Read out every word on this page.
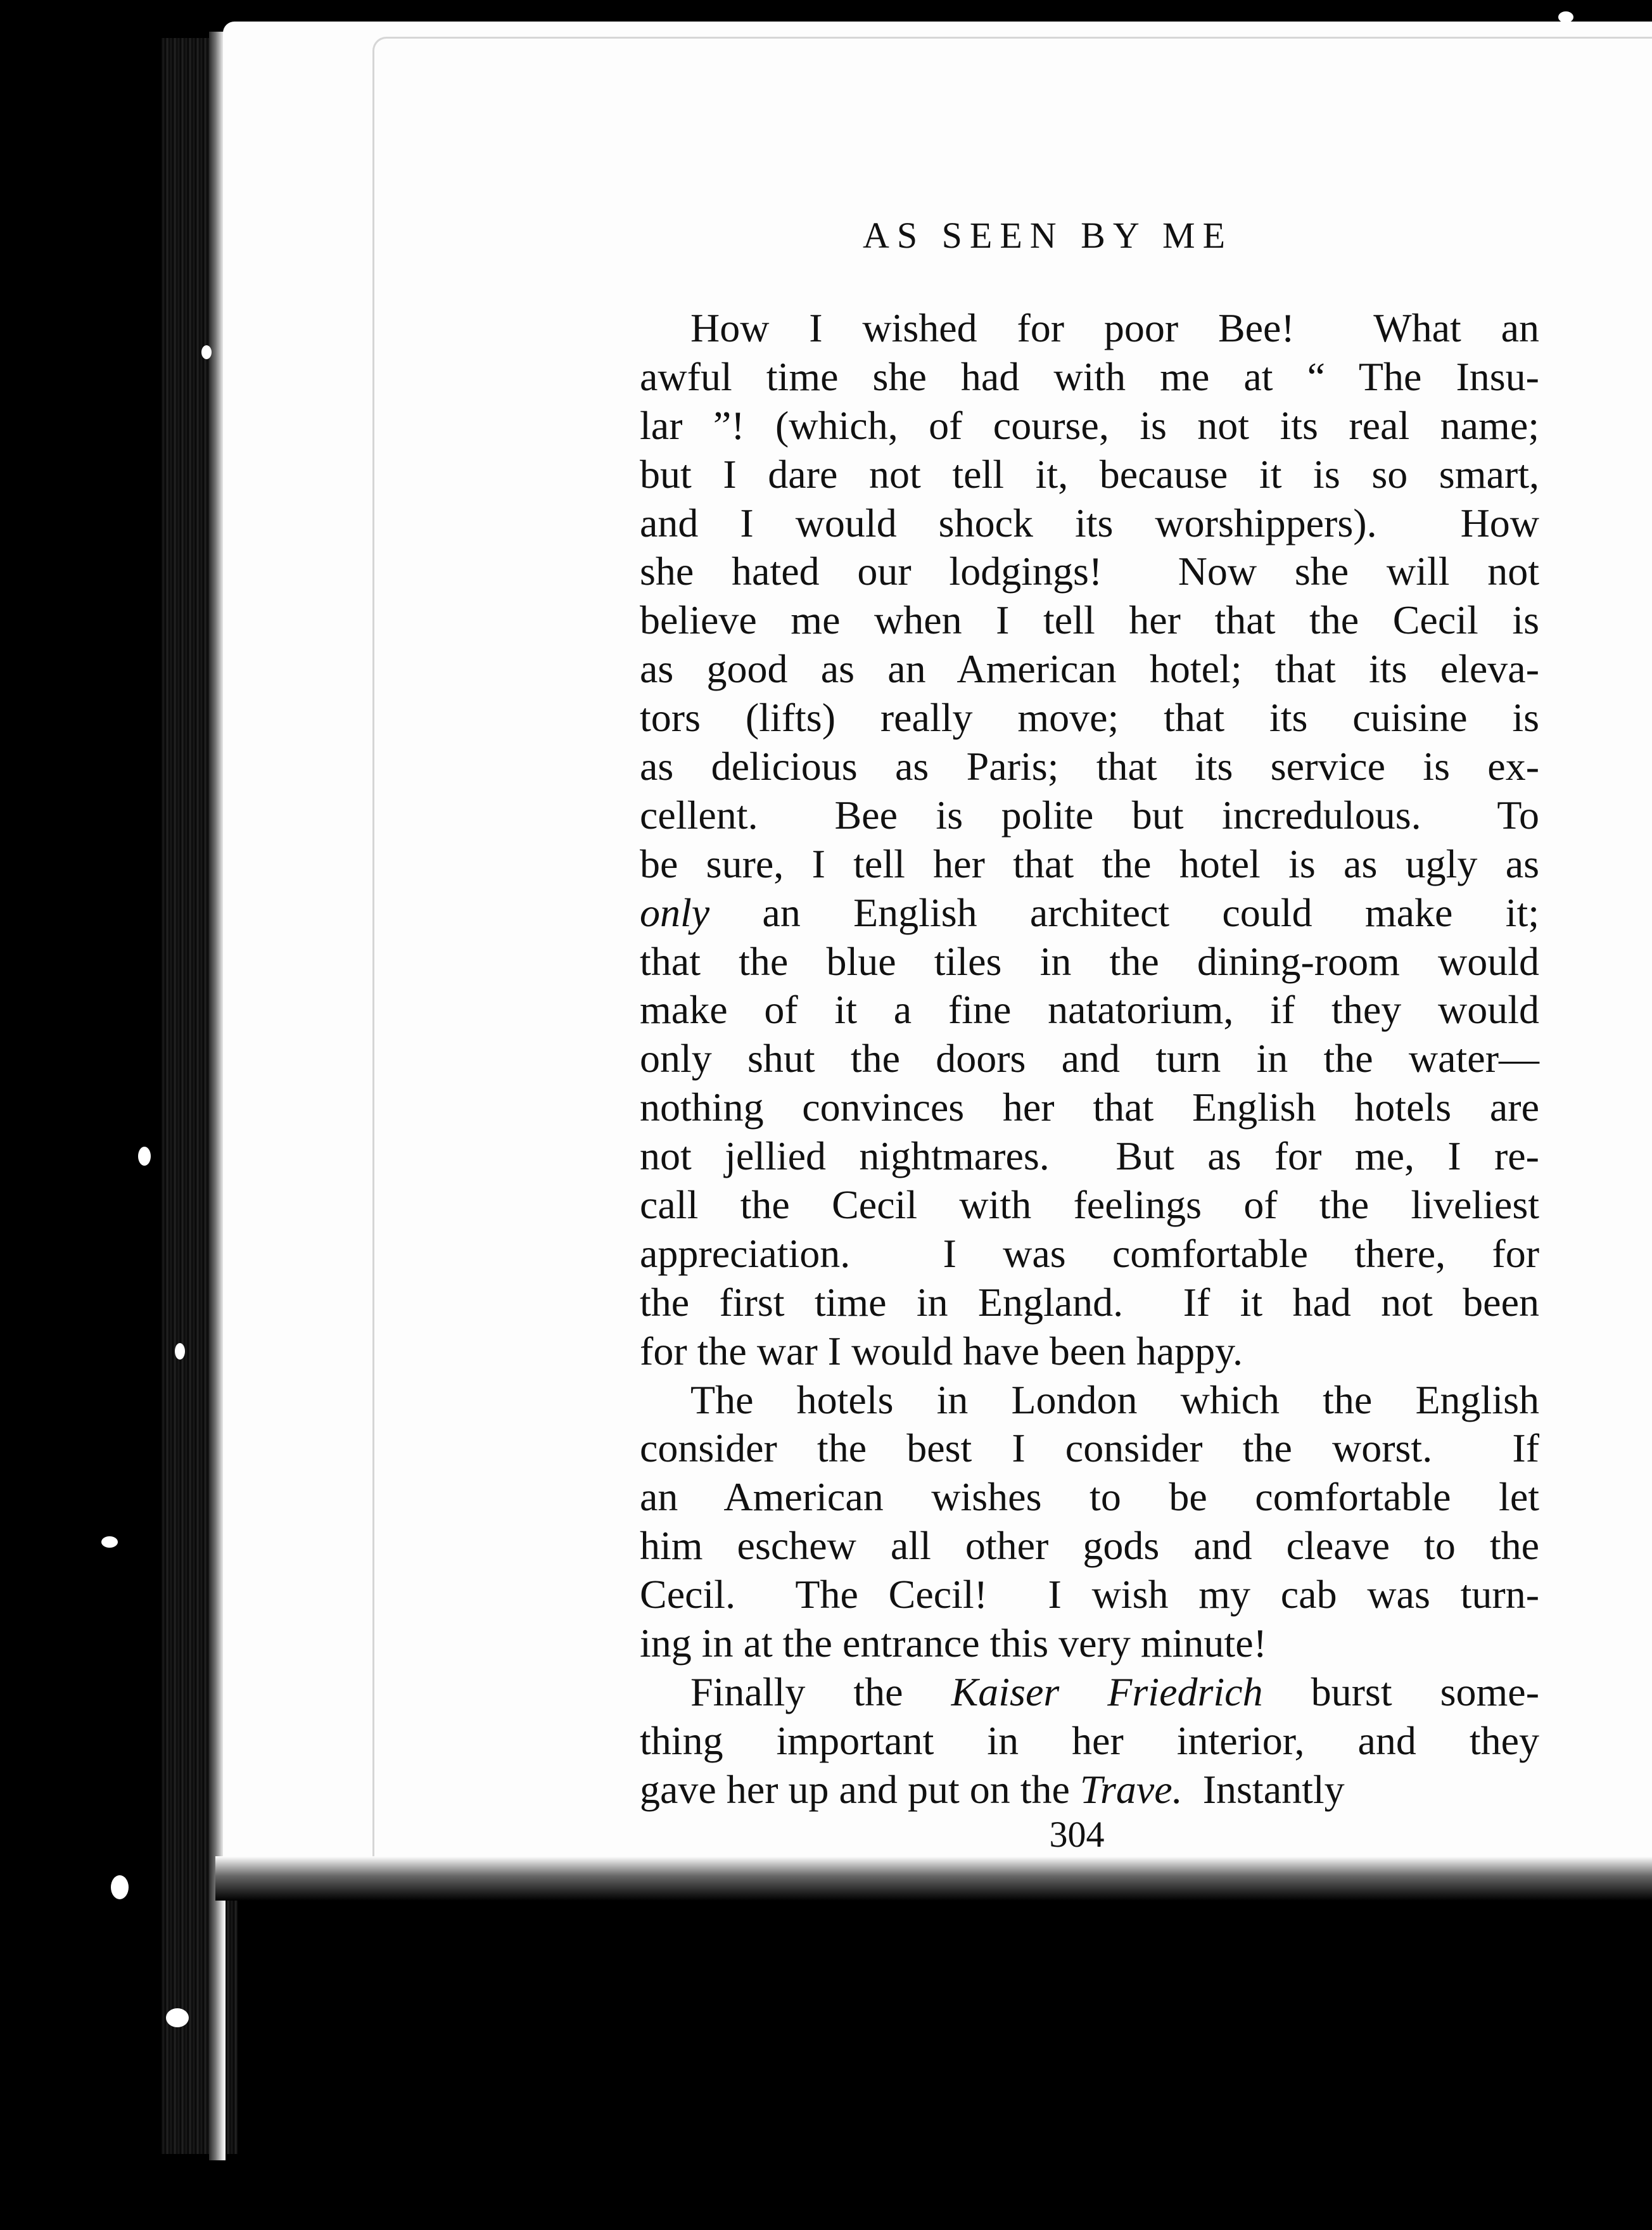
AS SEEN BY ME
How I wished for poor Bee!  What an
awful time she had with me at “ The Insu-
lar ”! (which, of course, is not its real name;
but I dare not tell it, because it is so smart,
and I would shock its worshippers).  How
she hated our lodgings!  Now she will not
believe me when I tell her that the Cecil is
as good as an American hotel; that its eleva-
tors (lifts) really move; that its cuisine is
as delicious as Paris; that its service is ex-
cellent.  Bee is polite but incredulous.  To
be sure, I tell her that the hotel is as ugly as
only an English architect could make it;
that the blue tiles in the dining-room would
make of it a fine natatorium, if they would
only shut the doors and turn in the water—
nothing convinces her that English hotels are
not jellied nightmares.  But as for me, I re-
call the Cecil with feelings of the liveliest
appreciation.  I was comfortable there, for
the first time in England.  If it had not been
for the war I would have been happy.
The hotels in London which the English
consider the best I consider the worst.  If
an American wishes to be comfortable let
him eschew all other gods and cleave to the
Cecil.  The Cecil!  I wish my cab was turn-
ing in at the entrance this very minute!
Finally the Kaiser Friedrich burst some-
thing important in her interior, and they
gave her up and put on the Trave.  Instantly
304
